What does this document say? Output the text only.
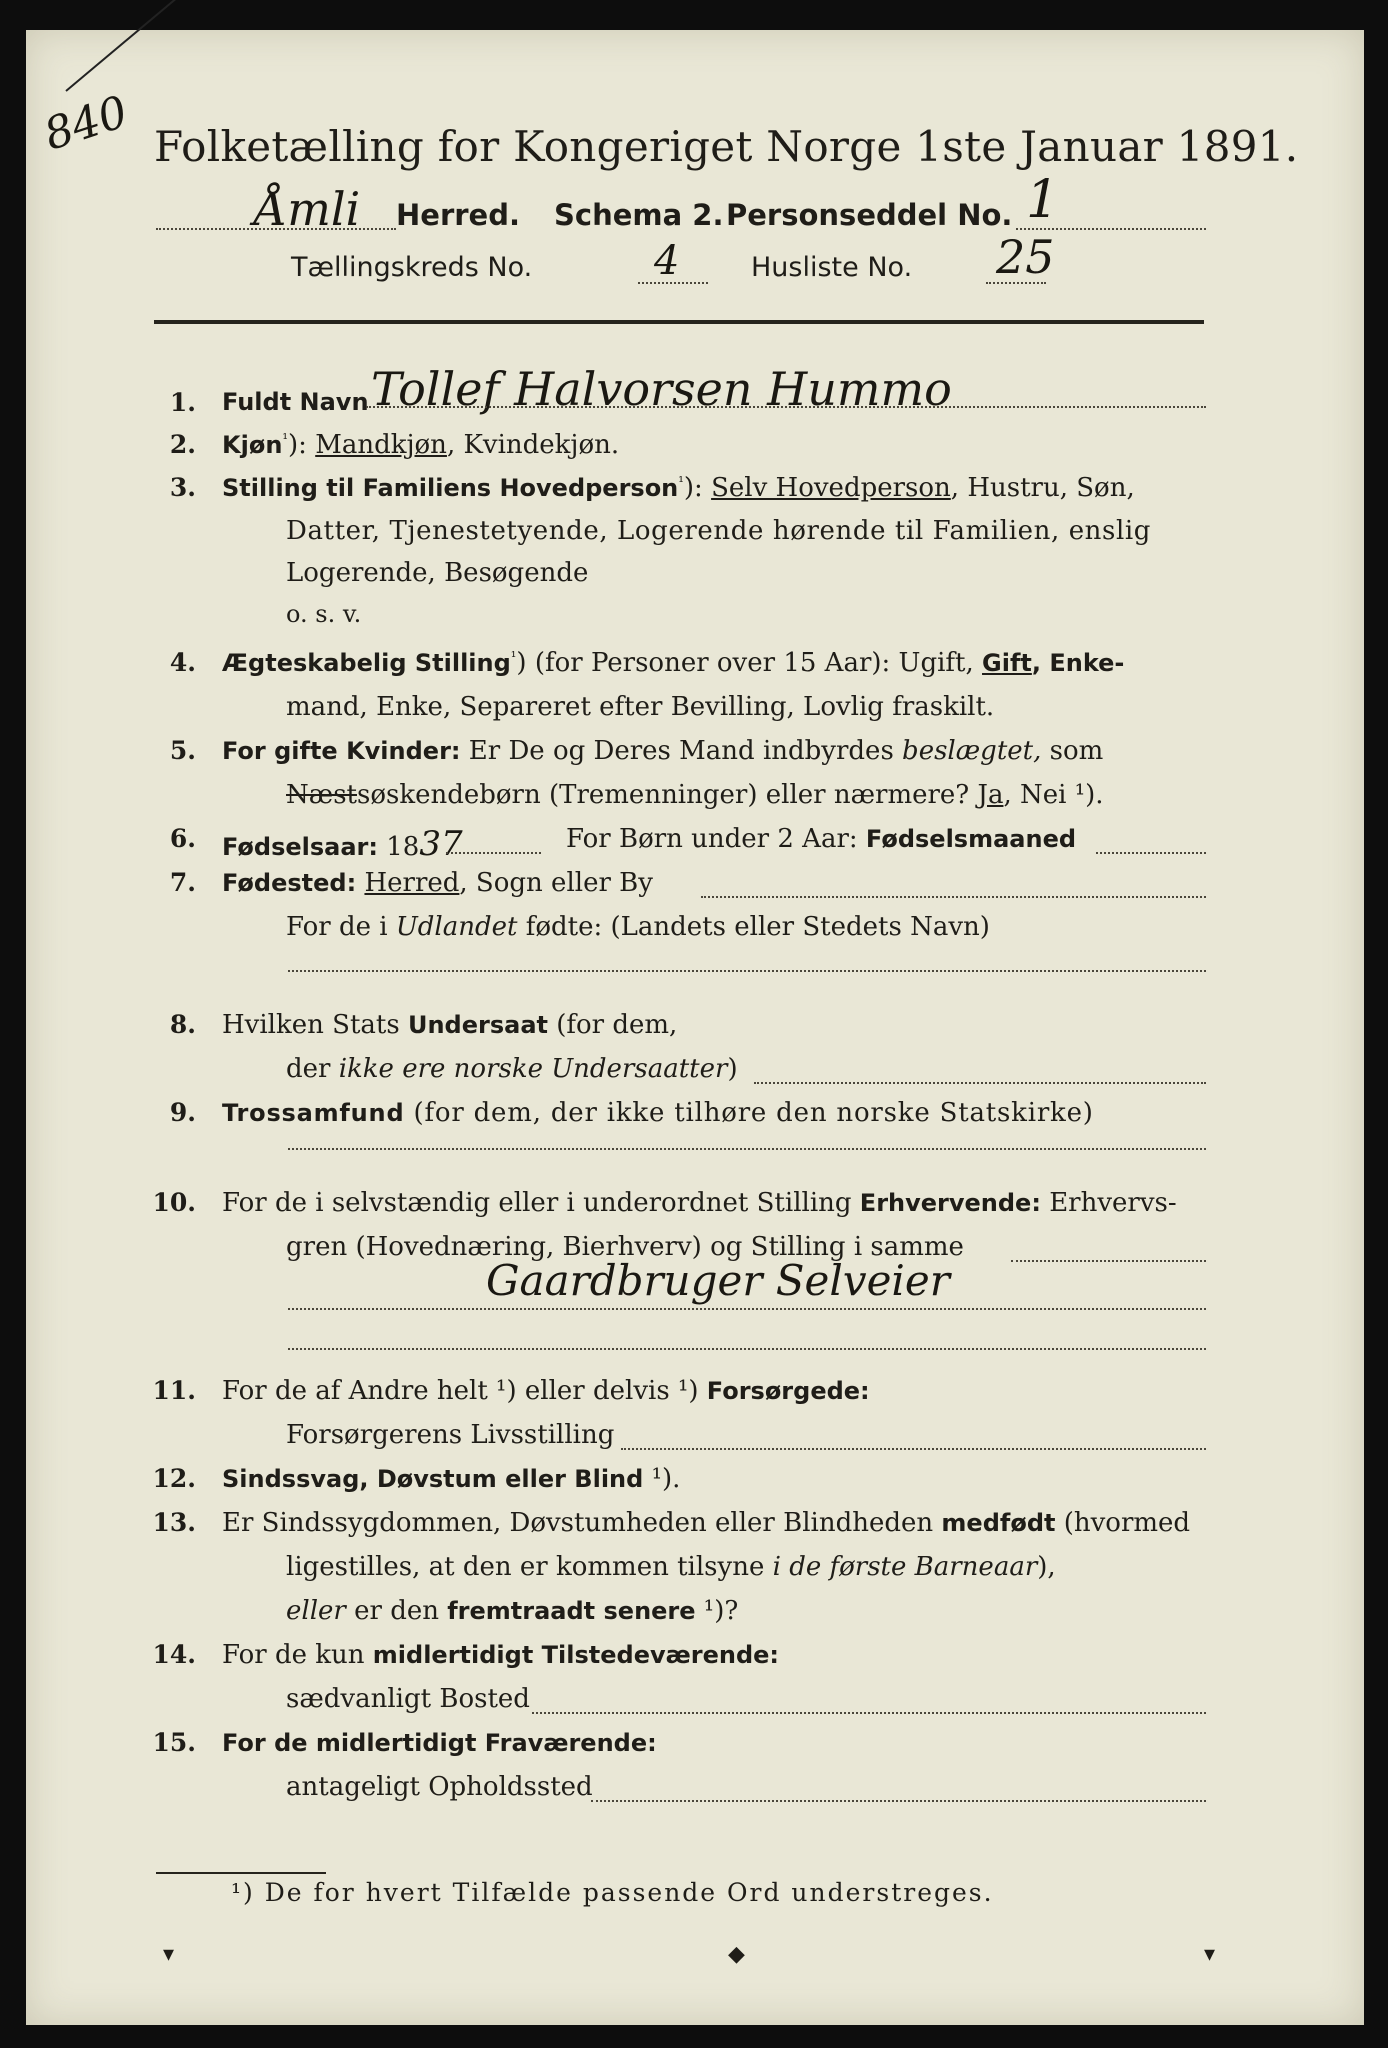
840 Folketælling for Kongeriget Norge 1ste Januar 1891.
Åmli Herred. Schema 2. Personseddel No. 1
Tællingskreds No.	4	Husliste No. 25
1. Fuldt Navn Tollef Halvorsen Hummo
2. Kjøn$^{^1}$): Mandkjøn, Kvindekjøn.
3. Stilling til Familiens Hovedperson$^{^1}$): Selv Hovedperson, Hustru, Søn,
Datter, Tjenestetyende, Logerende hørende til Familien, enslig
Logerende, Besøgende
o. s. v.
4. Ægteskabelig Stilling$^{^1}$) (for Personer over 15 Aar): Ugift, Gift, Enke-
mand, Enke, Separeret efter Bevilling, Lovlig fraskilt.
5. For gifte Kvinder: Er De og Deres Mand indbyrdes beslægtet, som
Næstsøskendebørn (Tremenninger) eller nærmere? Ja, Nei ¹).
6. Fødselsaar: 1837	For Børn under 2 Aar: Fødselsmaaned
7. Fødested: Herred, Sogn eller By
For de i Udlandet fødte: (Landets eller Stedets Navn)
8. Hvilken Stats Undersaat (for dem,
der ikke ere norske Undersaatter)
9. Trossamfund (for dem, der ikke tilhøre den norske Statskirke)
10. For de i selvstændig eller i underordnet Stilling Erhvervende: Erhvervs-
gren (Hovednæring, Bierhverv) og Stilling i samme
Gaardbruger Selveier
11. For de af Andre helt ¹) eller delvis ¹) Forsørgede:
Forsørgerens Livsstilling
12. Sindssvag, Døvstum eller Blind ¹).
13. Er Sindssygdommen, Døvstumheden eller Blindheden medfødt (hvormed
ligestilles, at den er kommen tilsyne i de første Barneaar),
eller er den fremtraadt senere ¹)?
14. For de kun midlertidigt Tilstedeværende:
sædvanligt Bosted
15. For de midlertidigt Fraværende:
antageligt Opholdssted
¹) De for hvert Tilfælde passende Ord understreges.
▾	◆	▾
